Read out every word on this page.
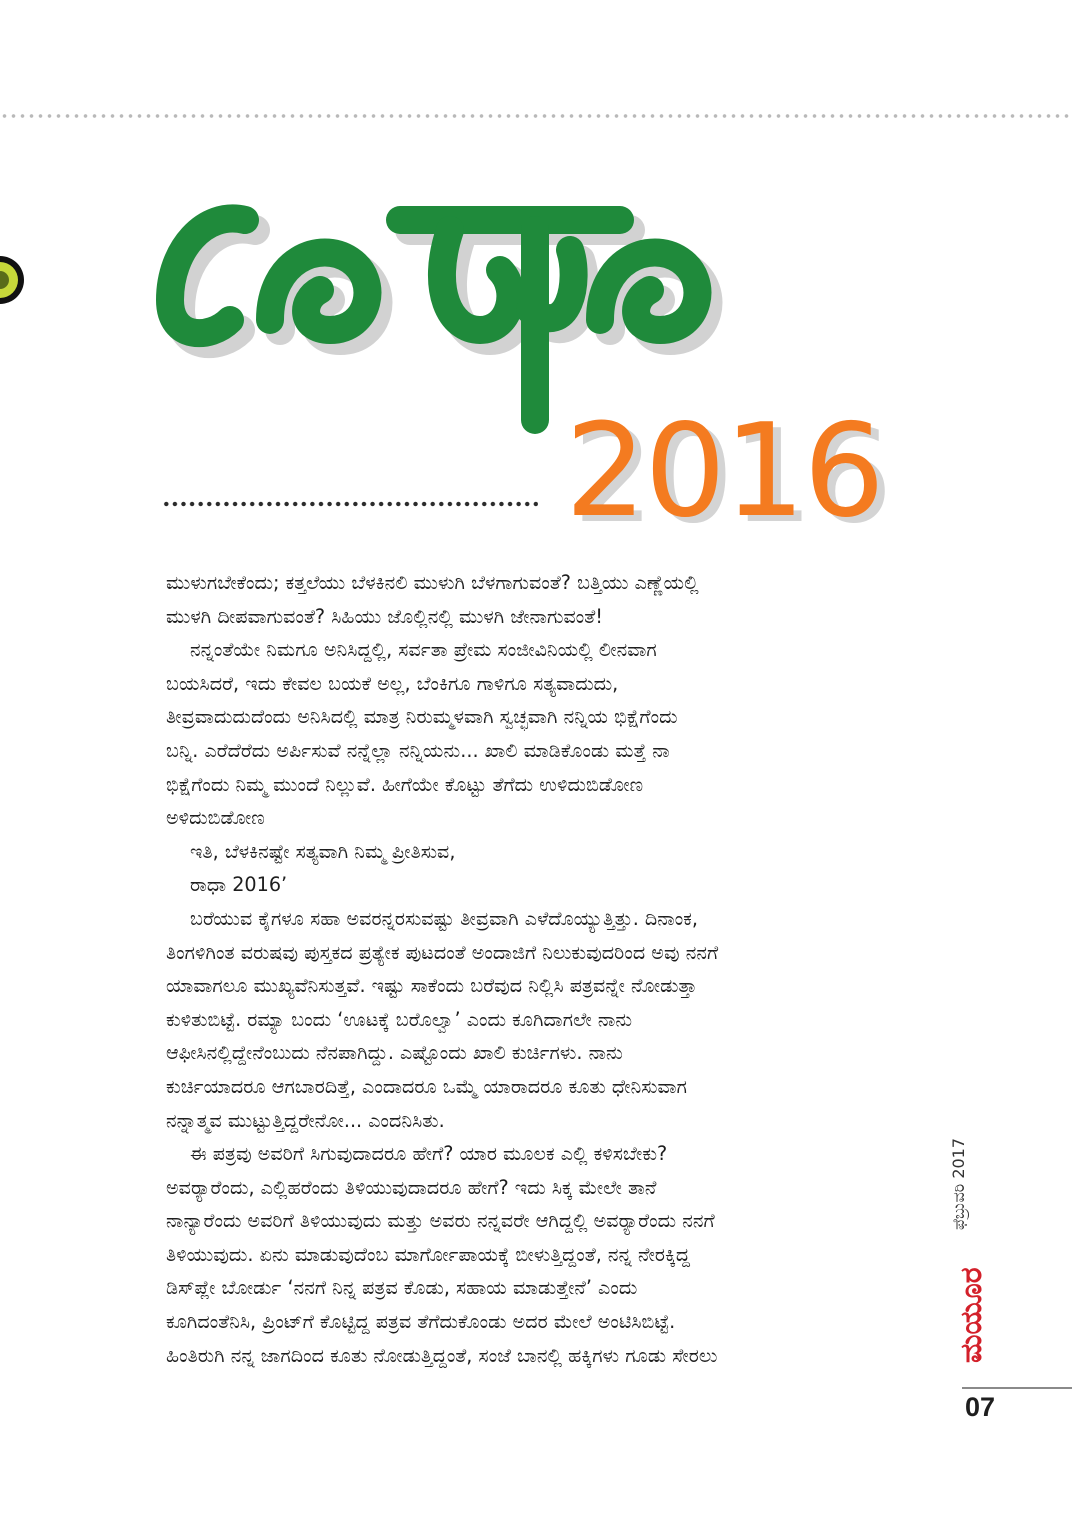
2016

ಮುಳುಗಬೇಕೆಂದು; ಕತ್ತಲೆಯು ಬೆಳಕಿನಲಿ ಮುಳುಗಿ ಬೆಳಗಾಗುವಂತೆ? ಬತ್ತಿಯು ಎಣ್ಣೆಯಲ್ಲಿ

ಮುಳಗಿ ದೀಪವಾಗುವಂತೆ? ಸಿಹಿಯು ಜೊಲ್ಲಿನಲ್ಲಿ ಮುಳಗಿ ಜೇನಾಗುವಂತೆ!

ನನ್ನಂತೆಯೇ ನಿಮಗೂ ಅನಿಸಿದ್ದಲ್ಲಿ, ಸರ್ವತಾ ಪ್ರೇಮ ಸಂಜೀವಿನಿಯಲ್ಲಿ ಲೀನವಾಗ

ಬಯಸಿದರೆ, ಇದು ಕೇವಲ ಬಯಕೆ ಅಲ್ಲ, ಬೆಂಕಿಗೂ ಗಾಳಿಗೂ ಸತ್ಯವಾದುದು,

ತೀವ್ರವಾದುದುದೆಂದು ಅನಿಸಿದಲ್ಲಿ ಮಾತ್ರ ನಿರುಮ್ಮಳವಾಗಿ ಸ್ವಚ್ಛವಾಗಿ ನನ್ನಿಯ ಭಿಕ್ಷೆಗೆಂದು

ಬನ್ನಿ. ಎರೆದೆರೆದು ಅರ್ಪಿಸುವೆ ನನ್ನೆಲ್ಲಾ ನನ್ನಿಯನು... ಖಾಲಿ ಮಾಡಿಕೊಂಡು ಮತ್ತೆ ನಾ

ಭಿಕ್ಷೆಗೆಂದು ನಿಮ್ಮ ಮುಂದೆ ನಿಲ್ಲುವೆ. ಹೀಗೆಯೇ ಕೊಟ್ಟು ತೆಗೆದು ಉಳಿದುಬಿಡೋಣ

ಅಳಿದುಬಿಡೋಣ

ಇತಿ, ಬೆಳಕಿನಷ್ಟೇ ಸತ್ಯವಾಗಿ ನಿಮ್ಮ ಪ್ರೀತಿಸುವ,

ರಾಧಾ 2016’

ಬರೆಯುವ ಕೈಗಳೂ ಸಹಾ ಅವರನ್ನರಸುವಷ್ಟು ತೀವ್ರವಾಗಿ ಎಳೆದೊಯ್ಯುತ್ತಿತ್ತು. ದಿನಾಂಕ,

ತಿಂಗಳಿಗಿಂತ ವರುಷವು ಪುಸ್ತಕದ ಪ್ರತ್ಯೇಕ ಪುಟದಂತೆ ಅಂದಾಜಿಗೆ ನಿಲುಕುವುದರಿಂದ ಅವು ನನಗೆ

ಯಾವಾಗಲೂ ಮುಖ್ಯವೆನಿಸುತ್ತವೆ. ಇಷ್ಟು ಸಾಕೆಂದು ಬರೆವುದ ನಿಲ್ಲಿಸಿ ಪತ್ರವನ್ನೇ ನೋಡುತ್ತಾ

ಕುಳಿತುಬಿಟ್ಟೆ. ರಮ್ಯಾ ಬಂದು ‘ಊಟಕ್ಕೆ ಬರೊಲ್ವಾ’ ಎಂದು ಕೂಗಿದಾಗಲೇ ನಾನು

ಆಫೀಸಿನಲ್ಲಿದ್ದೇನೆಂಬುದು ನೆನಪಾಗಿದ್ದು. ಎಷ್ಟೊಂದು ಖಾಲಿ ಕುರ್ಚಿಗಳು. ನಾನು

ಕುರ್ಚಿಯಾದರೂ ಆಗಬಾರದಿತ್ತೆ, ಎಂದಾದರೂ ಒಮ್ಮೆ ಯಾರಾದರೂ ಕೂತು ಧೇನಿಸುವಾಗ

ನನ್ನಾತ್ಮವ ಮುಟ್ಟುತ್ತಿದ್ದರೇನೋ... ಎಂದನಿಸಿತು.

ಈ ಪತ್ರವು ಅವರಿಗೆ ಸಿಗುವುದಾದರೂ ಹೇಗೆ? ಯಾರ ಮೂಲಕ ಎಲ್ಲಿ ಕಳಿಸಬೇಕು?

ಅವರ್‍ಯಾರೆಂದು, ಎಲ್ಲಿಹರೆಂದು ತಿಳಿಯುವುದಾದರೂ ಹೇಗೆ? ಇದು ಸಿಕ್ಕ ಮೇಲೇ ತಾನೆ

ನಾನ್ಯಾರೆಂದು ಅವರಿಗೆ ತಿಳಿಯುವುದು ಮತ್ತು ಅವರು ನನ್ನವರೇ ಆಗಿದ್ದಲ್ಲಿ ಅವರ್‍ಯಾರೆಂದು ನನಗೆ

ತಿಳಿಯುವುದು. ಏನು ಮಾಡುವುದೆಂಬ ಮಾರ್ಗೋಪಾಯಕ್ಕೆ ಬೀಳುತ್ತಿದ್ದಂತೆ, ನನ್ನ ನೇರಕ್ಕಿದ್ದ

ಡಿಸ್‌ಪ್ಲೇ ಬೋರ್ಡು ‘ನನಗೆ ನಿನ್ನ ಪತ್ರವ ಕೊಡು, ಸಹಾಯ ಮಾಡುತ್ತೇನೆ’ ಎಂದು

ಕೂಗಿದಂತೆನಿಸಿ, ಪ್ರಿಂಟ್‌ಗೆ ಕೊಟ್ಟಿದ್ದ ಪತ್ರವ ತೆಗೆದುಕೊಂಡು ಅದರ ಮೇಲೆ ಅಂಟಿಸಿಬಿಟ್ಟೆ.

ಹಿಂತಿರುಗಿ ನನ್ನ ಜಾಗದಿಂದ ಕೂತು ನೋಡುತ್ತಿದ್ದಂತೆ, ಸಂಜೆ ಬಾನಲ್ಲಿ ಹಕ್ಕಿಗಳು ಗೂಡು ಸೇರಲು

ಫೆಬ್ರುವರಿ 2017
ಮಯೂರ
07
